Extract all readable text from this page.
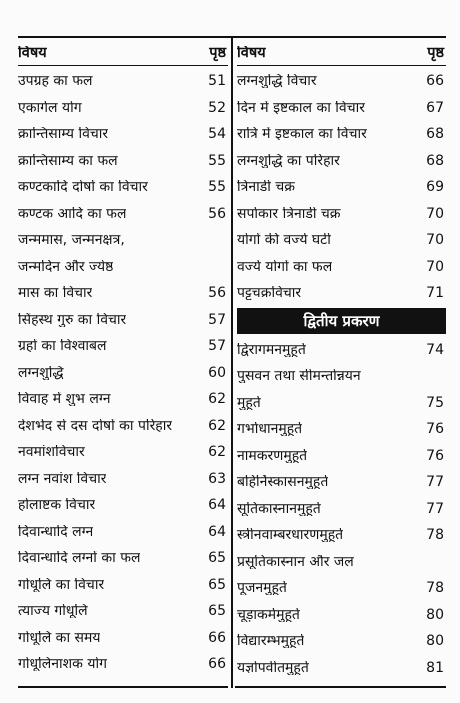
विषय	पृष्ठ
उपग्रह का फल	51
एकार्गल योग	52
क्रान्तिसाम्य विचार	54
क्रान्तिसाम्य का फल	55
कण्टकादि दोषों का विचार	55
कण्टक आदि का फल	56
जन्ममास, जन्मनक्षत्र,
जन्मदिन और ज्येष्ठ
मास का विचार	56
सिंहस्थ गुरु का विचार	57
ग्रहों का विश्वाबल	57
लग्नशुद्धि	60
विवाह में शुभ लग्न	62
देशभेद से दस दोषों का परिहार	62
नवमांशविचार	62
लग्न नवांश विचार	63
होलाष्टक विचार	64
दिवान्धादि लग्न	64
दिवान्धादि लग्नों का फल	65
गोधूलि का विचार	65
त्याज्य गोधूलि	65
गोधूलि का समय	66
गोधूलिनाशक योग	66
विषय	पृष्ठ
लग्नशुद्धि विचार	66
दिन में इष्टकाल का विचार	67
रात्रि में इष्टकाल का विचार	68
लग्नशुद्धि का परिहार	68
त्रिनाडी चक्र	69
सर्पाकार त्रिनाडी चक्र	70
योगों की वर्ज्य घटी	70
वर्ज्य योगों का फल	70
पट्टचक्रविचार	71
द्वितीय प्रकरण
द्विरागमनमुहूर्त	74
पुसवन तथा सीमन्तोन्नयन
मुहूर्त	75
गर्भाधानमुहूर्त	76
नामकरणमुहूर्त	76
बहिर्निस्कासनमुहूर्त	77
सूतिकास्नानमुहूर्त	77
स्त्रीनवाम्बरधारणमुहूर्त	78
प्रसूतिकास्नान और जल
पूजनमुहूर्त	78
चूड़ाकर्ममुहूर्त	80
विद्यारम्भमुहूर्त	80
यज्ञोपवीतमुहूर्त	81
